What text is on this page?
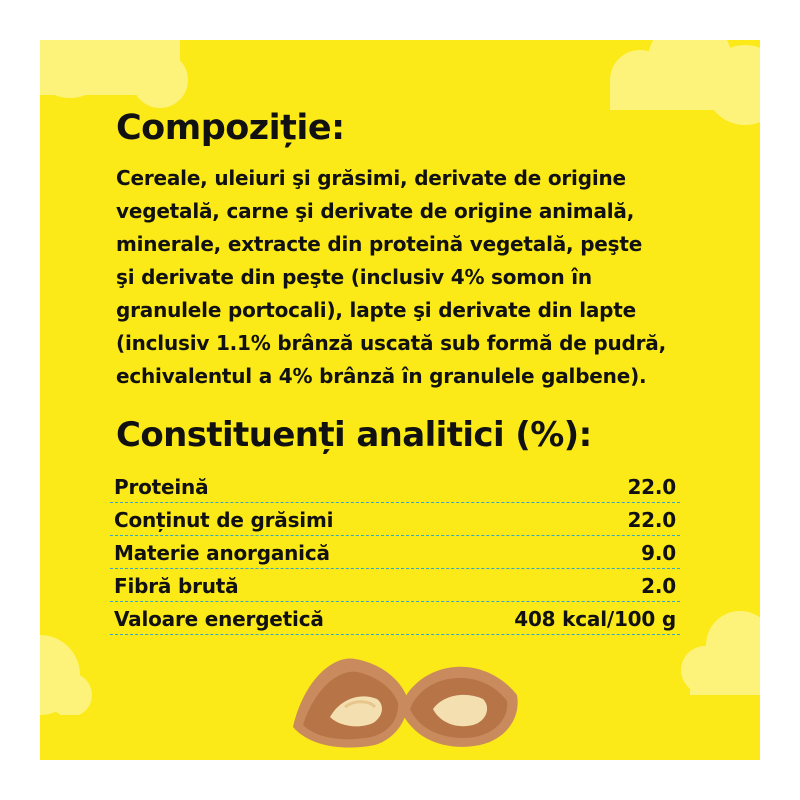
Compoziție:
Cereale, uleiuri şi grăsimi, derivate de origine
vegetală, carne şi derivate de origine animală,
minerale, extracte din proteină vegetală, peşte
şi derivate din peşte (inclusiv 4% somon în
granulele portocali), lapte şi derivate din lapte
(inclusiv 1.1% brânză uscată sub formă de pudră,
echivalentul a 4% brânză în granulele galbene).
Constituenți analitici (%):
Proteină	22.0
Conținut de grăsimi	22.0
Materie anorganică	9.0
Fibră brută	2.0
Valoare energetică	408 kcal/100 g
